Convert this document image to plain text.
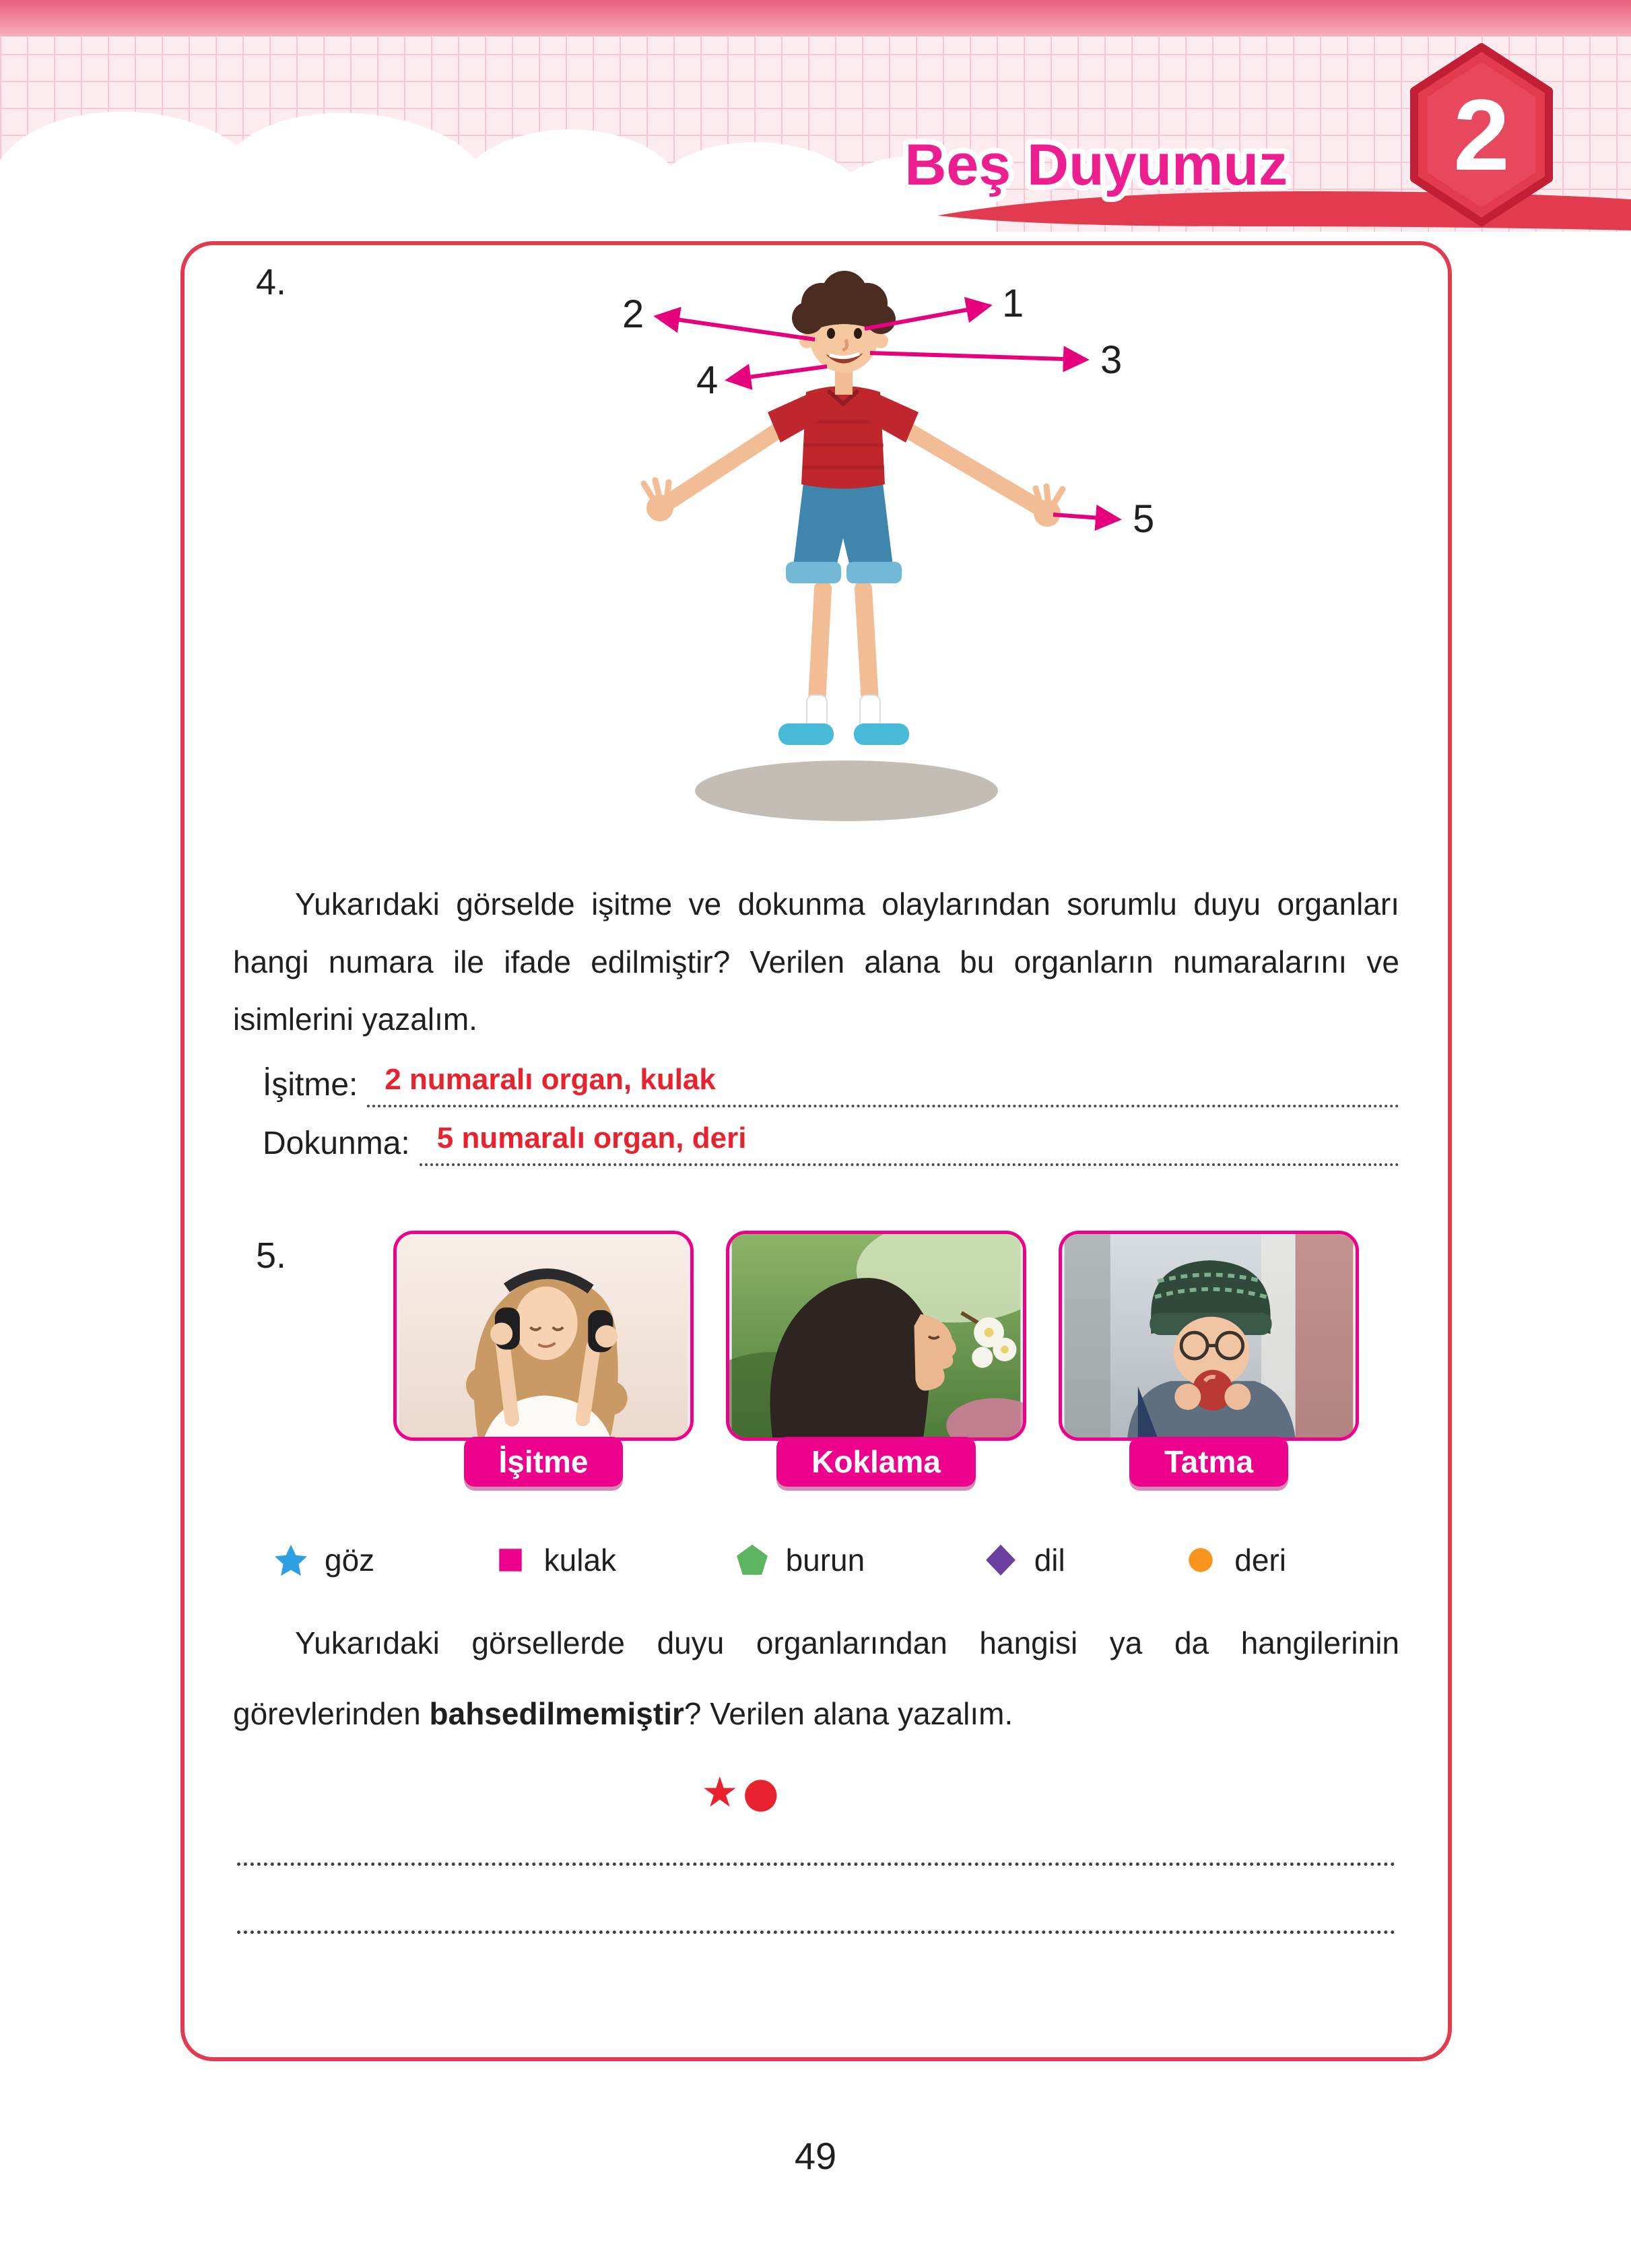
Beş Duyumuz 2
4.	1
2
3
4
5

Yukarıdaki görselde işitme ve dokunma olaylarından sorumlu duyu organları hangi numara ile ifade edilmiştir? Verilen alana bu organların numaralarını ve isimlerini yazalım.

İşitme: 2 numaralı organ, kulak
Dokunma: 5 numaralı organ, deri
5.
İşitme	Koklama	Tatma
göz	kulak	burun	dil	deri

Yukarıdaki görsellerde duyu organlarından hangisi ya da hangilerinin görevlerinden bahsedilmemiştir? Verilen alana yazalım.

★●
49
